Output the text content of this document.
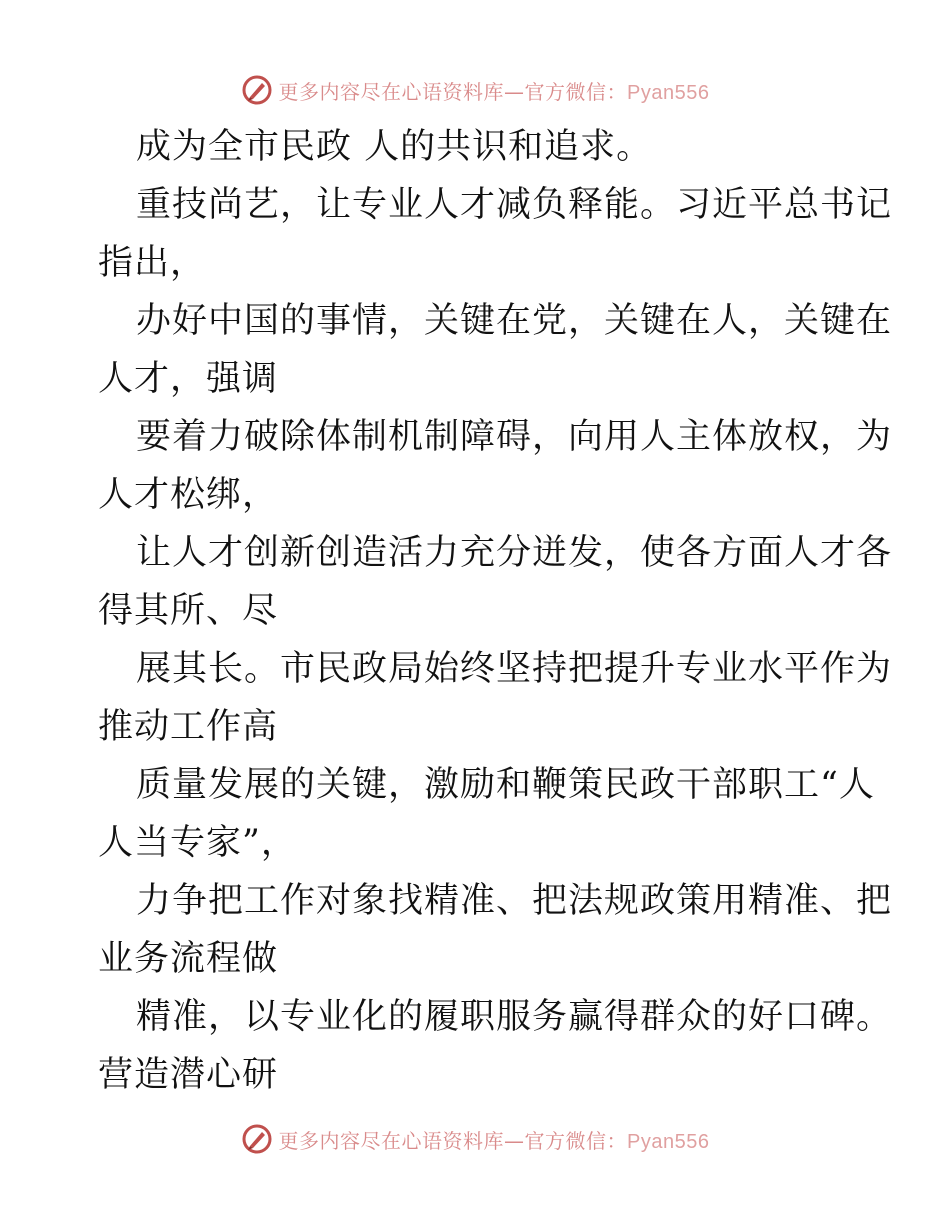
更多内容尽在心语资料库—官方微信：Pyan556
成为全市民政 人的共识和追求。
重技尚艺，让专业人才减负释能。习近平总书记
指出，
办好中国的事情，关键在党，关键在人，关键在
人才，强调
要着力破除体制机制障碍，向用人主体放权，为
人才松绑，
让人才创新创造活力充分迸发，使各方面人才各
得其所、尽
展其长。市民政局始终坚持把提升专业水平作为
推动工作高
质量发展的关键，激励和鞭策民政干部职工“人
人当专家”，
力争把工作对象找精准、把法规政策用精准、把
业务流程做
精准，以专业化的履职服务赢得群众的好口碑。
营造潜心研
更多内容尽在心语资料库—官方微信：Pyan556
